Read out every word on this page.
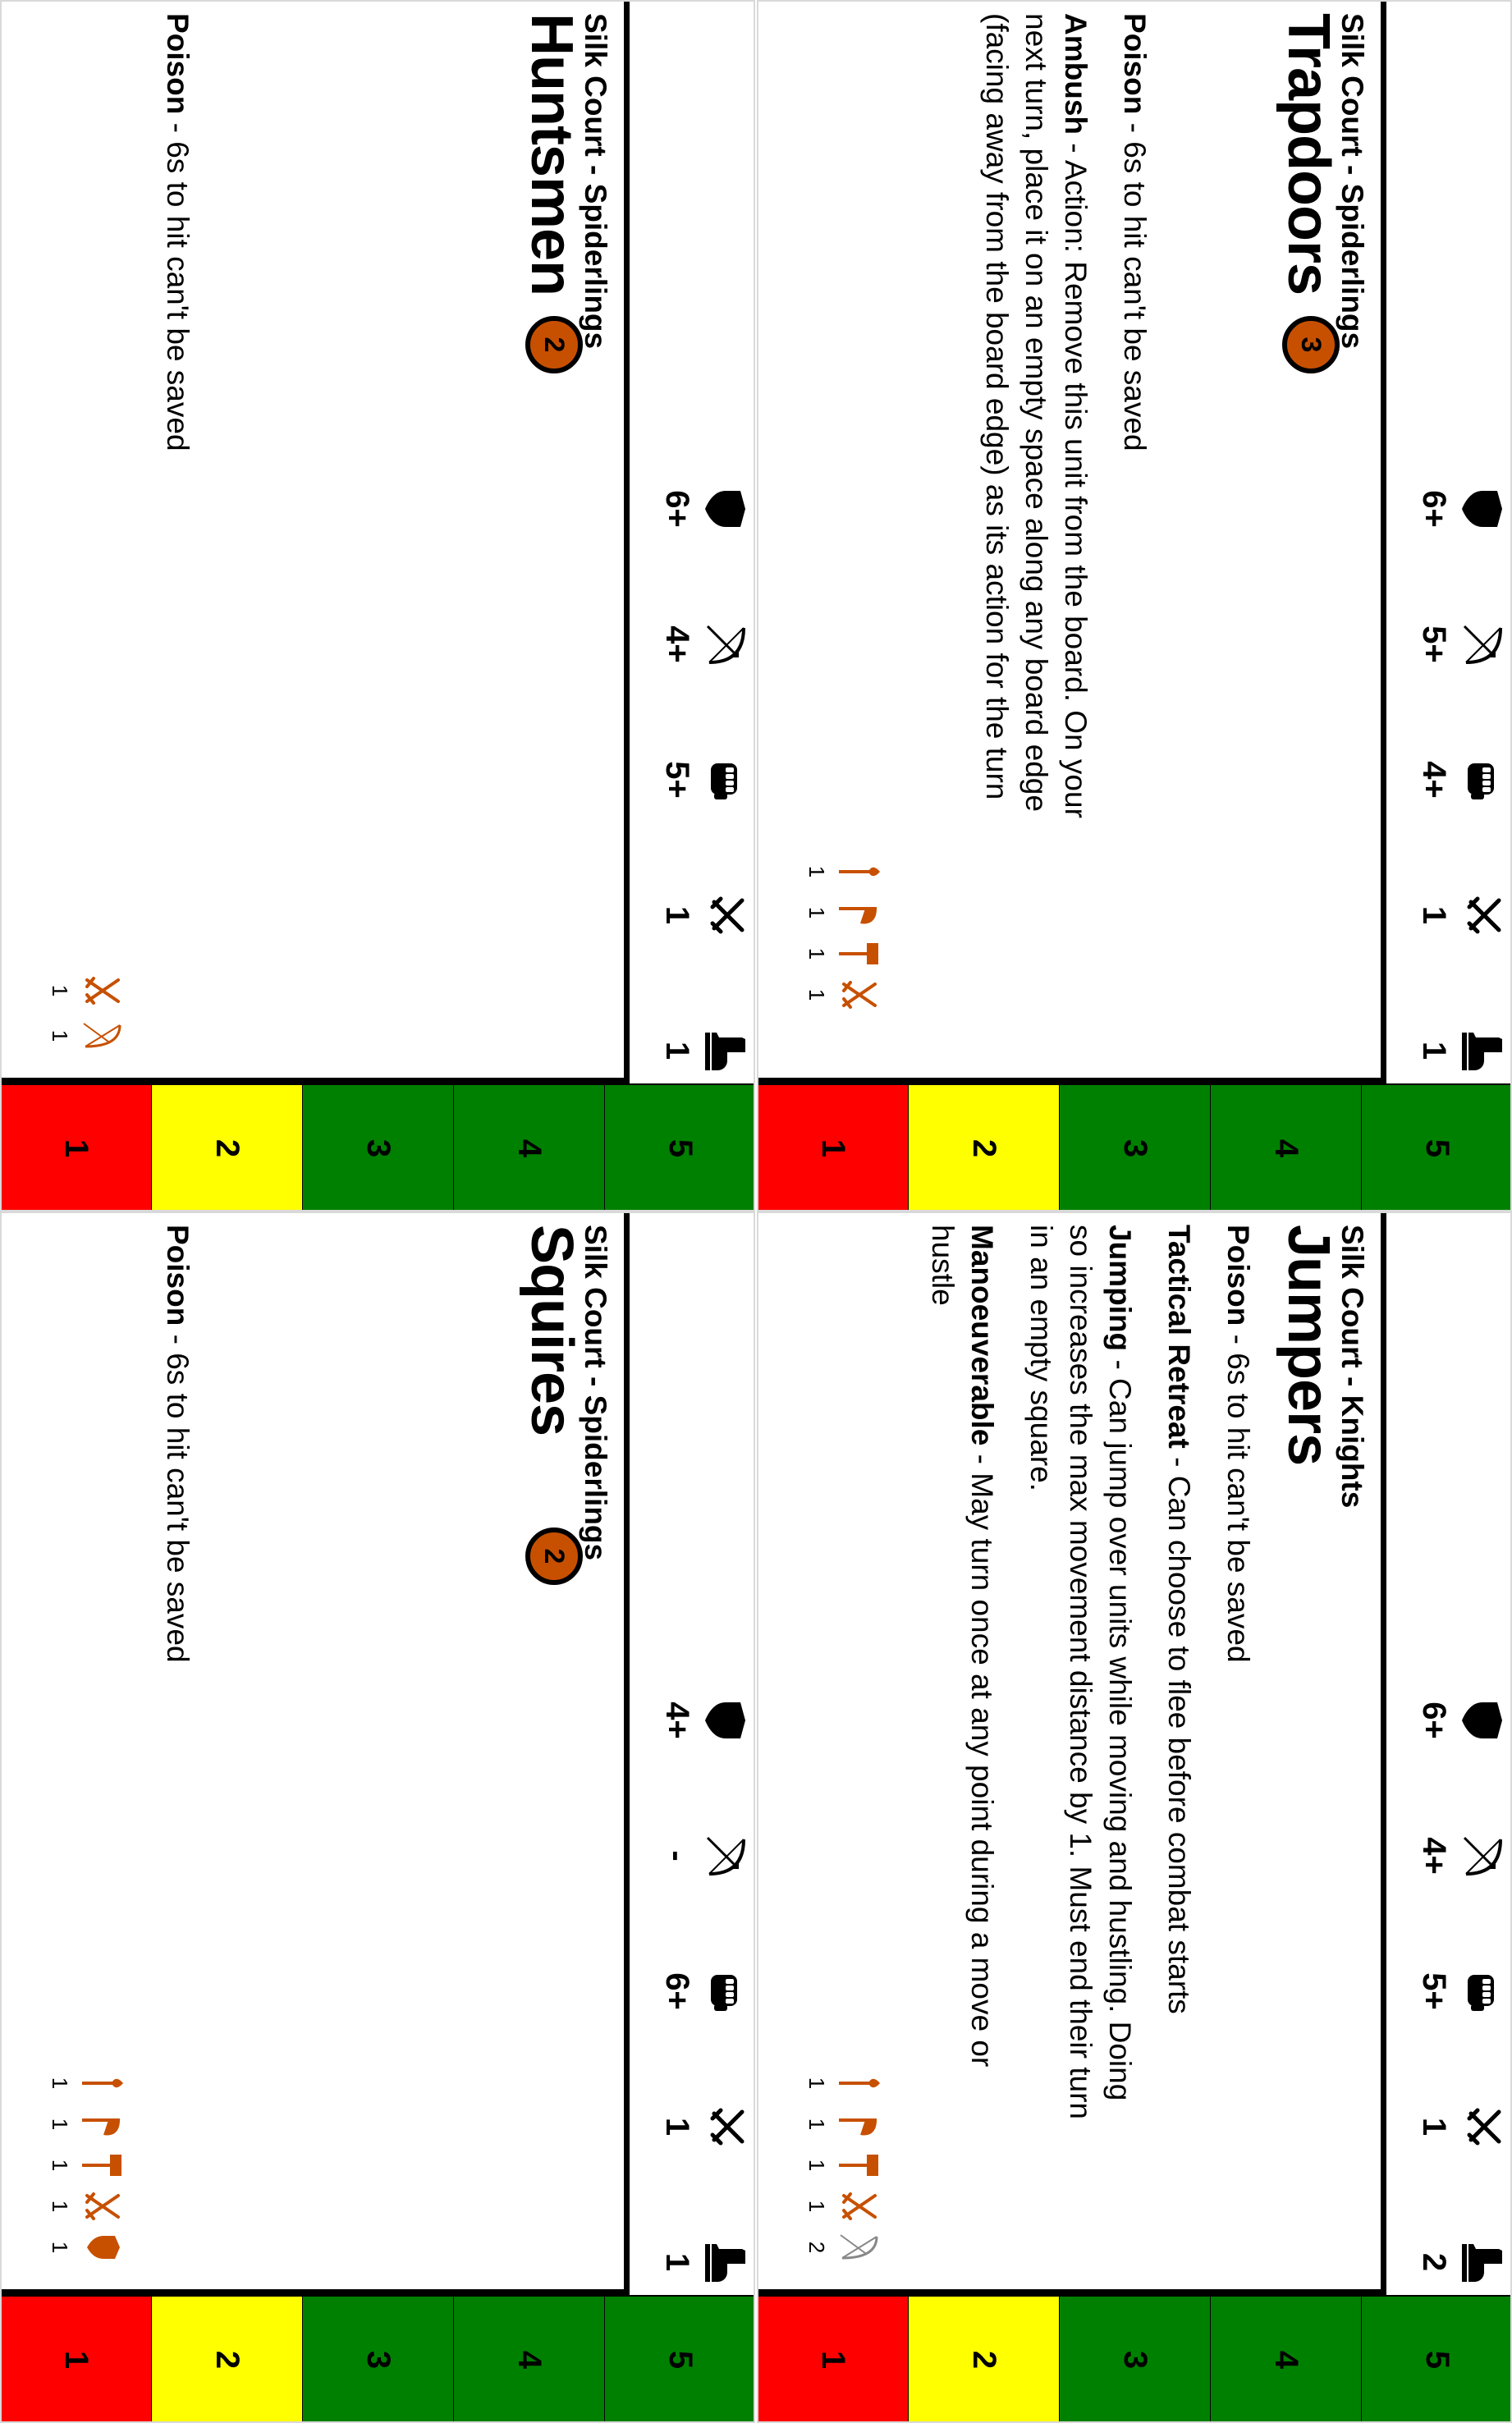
1
1
4+
5+
6+
5
4
3
2
1
Silk Court - Spiderlings
Trapdoors
3

Poison - 6s to hit can't be saved

Ambush - Action: Remove this unit from the board. On your next turn, place it on an empty space along any board edge (facing away from the board edge) as its action for the turn

1
1
1
1
2
1
5+
4+
6+
5
4
3
2
1
Silk Court - Knights
Jumpers

Poison - 6s to hit can't be saved

Tactical Retreat - Can choose to flee before combat starts

Jumping - Can jump over units while moving and hustling. Doing so increases the max movement distance by 1. Must end their turn in an empty square.

Manoeuverable - May turn once at any point during a move or hustle

1
1
1
1
2
1
1
5+
4+
6+
5
4
3
2
1
Silk Court - Spiderlings
Huntsmen
2

Poison - 6s to hit can't be saved

1
1
1
1
6+
-
4+
5
4
3
2
1
Silk Court - Spiderlings
Squires
2

Poison - 6s to hit can't be saved

1
1
1
1
1
